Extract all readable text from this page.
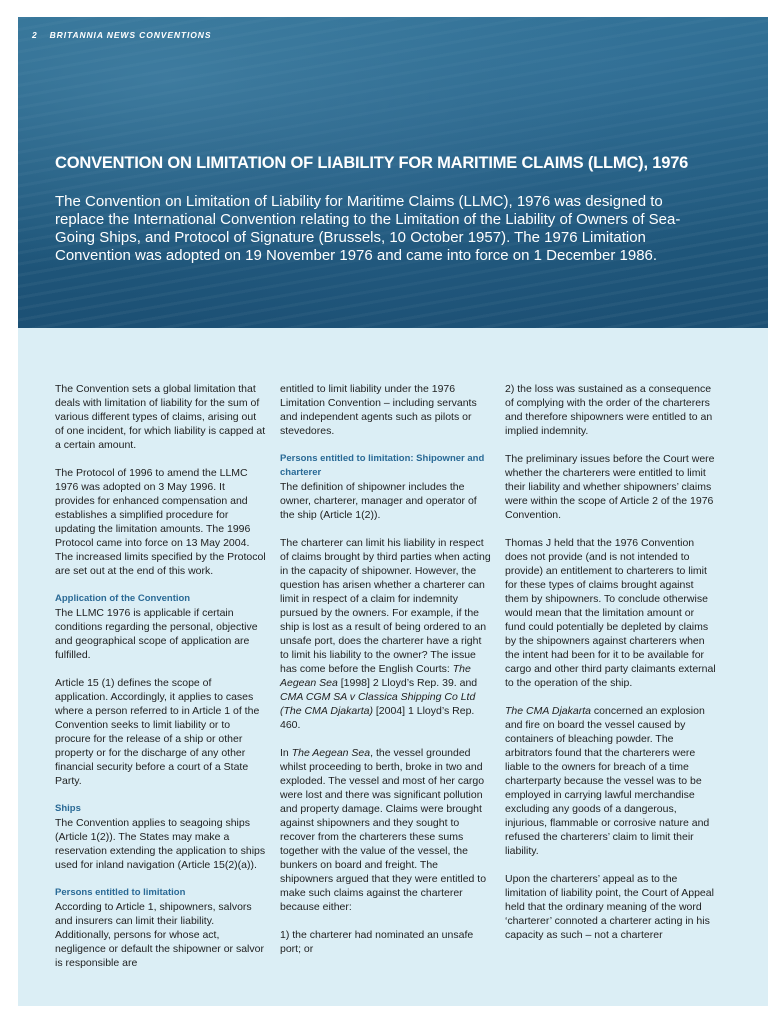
2 BRITANNIA NEWS CONVENTIONS
CONVENTION ON LIMITATION OF LIABILITY FOR MARITIME CLAIMS (LLMC), 1976

The Convention on Limitation of Liability for Maritime Claims (LLMC), 1976 was designed to replace the International Convention relating to the Limitation of the Liability of Owners of Sea-Going Ships, and Protocol of Signature (Brussels, 10 October 1957). The 1976 Limitation Convention was adopted on 19 November 1976 and came into force on 1 December 1986.

The Convention sets a global limitation that deals with limitation of liability for the sum of various different types of claims, arising out of one incident, for which liability is capped at a certain amount.

The Protocol of 1996 to amend the LLMC 1976 was adopted on 3 May 1996. It provides for enhanced compensation and establishes a simplified procedure for updating the limitation amounts. The 1996 Protocol came into force on 13 May 2004. The increased limits specified by the Protocol are set out at the end of this work.

Application of the Convention

The LLMC 1976 is applicable if certain conditions regarding the personal, objective and geographical scope of application are fulfilled.

Article 15 (1) defines the scope of application. Accordingly, it applies to cases where a person referred to in Article 1 of the Convention seeks to limit liability or to procure for the release of a ship or other property or for the discharge of any other financial security before a court of a State Party.

Ships

The Convention applies to seagoing ships (Article 1(2)). The States may make a reservation extending the application to ships used for inland navigation (Article 15(2)(a)).

Persons entitled to limitation

According to Article 1, shipowners, salvors and insurers can limit their liability. Additionally, persons for whose act, negligence or default the shipowner or salvor is responsible are

entitled to limit liability under the 1976 Limitation Convention – including servants and independent agents such as pilots or stevedores.

Persons entitled to limitation: Shipowner and charterer

The definition of shipowner includes the owner, charterer, manager and operator of the ship (Article 1(2)).

The charterer can limit his liability in respect of claims brought by third parties when acting in the capacity of shipowner. However, the question has arisen whether a charterer can limit in respect of a claim for indemnity pursued by the owners. For example, if the ship is lost as a result of being ordered to an unsafe port, does the charterer have a right to limit his liability to the owner? The issue has come before the English Courts: The Aegean Sea [1998] 2 Lloyd’s Rep. 39. and CMA CGM SA v Classica Shipping Co Ltd (The CMA Djakarta) [2004] 1 Lloyd’s Rep. 460.

In The Aegean Sea, the vessel grounded whilst proceeding to berth, broke in two and exploded. The vessel and most of her cargo were lost and there was significant pollution and property damage. Claims were brought against shipowners and they sought to recover from the charterers these sums together with the value of the vessel, the bunkers on board and freight. The shipowners argued that they were entitled to make such claims against the charterer because either:

1) the charterer had nominated an unsafe port; or

2) the loss was sustained as a consequence of complying with the order of the charterers and therefore shipowners were entitled to an implied indemnity.

The preliminary issues before the Court were whether the charterers were entitled to limit their liability and whether shipowners’ claims were within the scope of Article 2 of the 1976 Convention.

Thomas J held that the 1976 Convention does not provide (and is not intended to provide) an entitlement to charterers to limit for these types of claims brought against them by shipowners. To conclude otherwise would mean that the limitation amount or fund could potentially be depleted by claims by the shipowners against charterers when the intent had been for it to be available for cargo and other third party claimants external to the operation of the ship.

The CMA Djakarta concerned an explosion and fire on board the vessel caused by containers of bleaching powder. The arbitrators found that the charterers were liable to the owners for breach of a time charterparty because the vessel was to be employed in carrying lawful merchandise excluding any goods of a dangerous, injurious, flammable or corrosive nature and refused the charterers’ claim to limit their liability.

Upon the charterers’ appeal as to the limitation of liability point, the Court of Appeal held that the ordinary meaning of the word ‘charterer’ connoted a charterer acting in his capacity as such – not a charterer
